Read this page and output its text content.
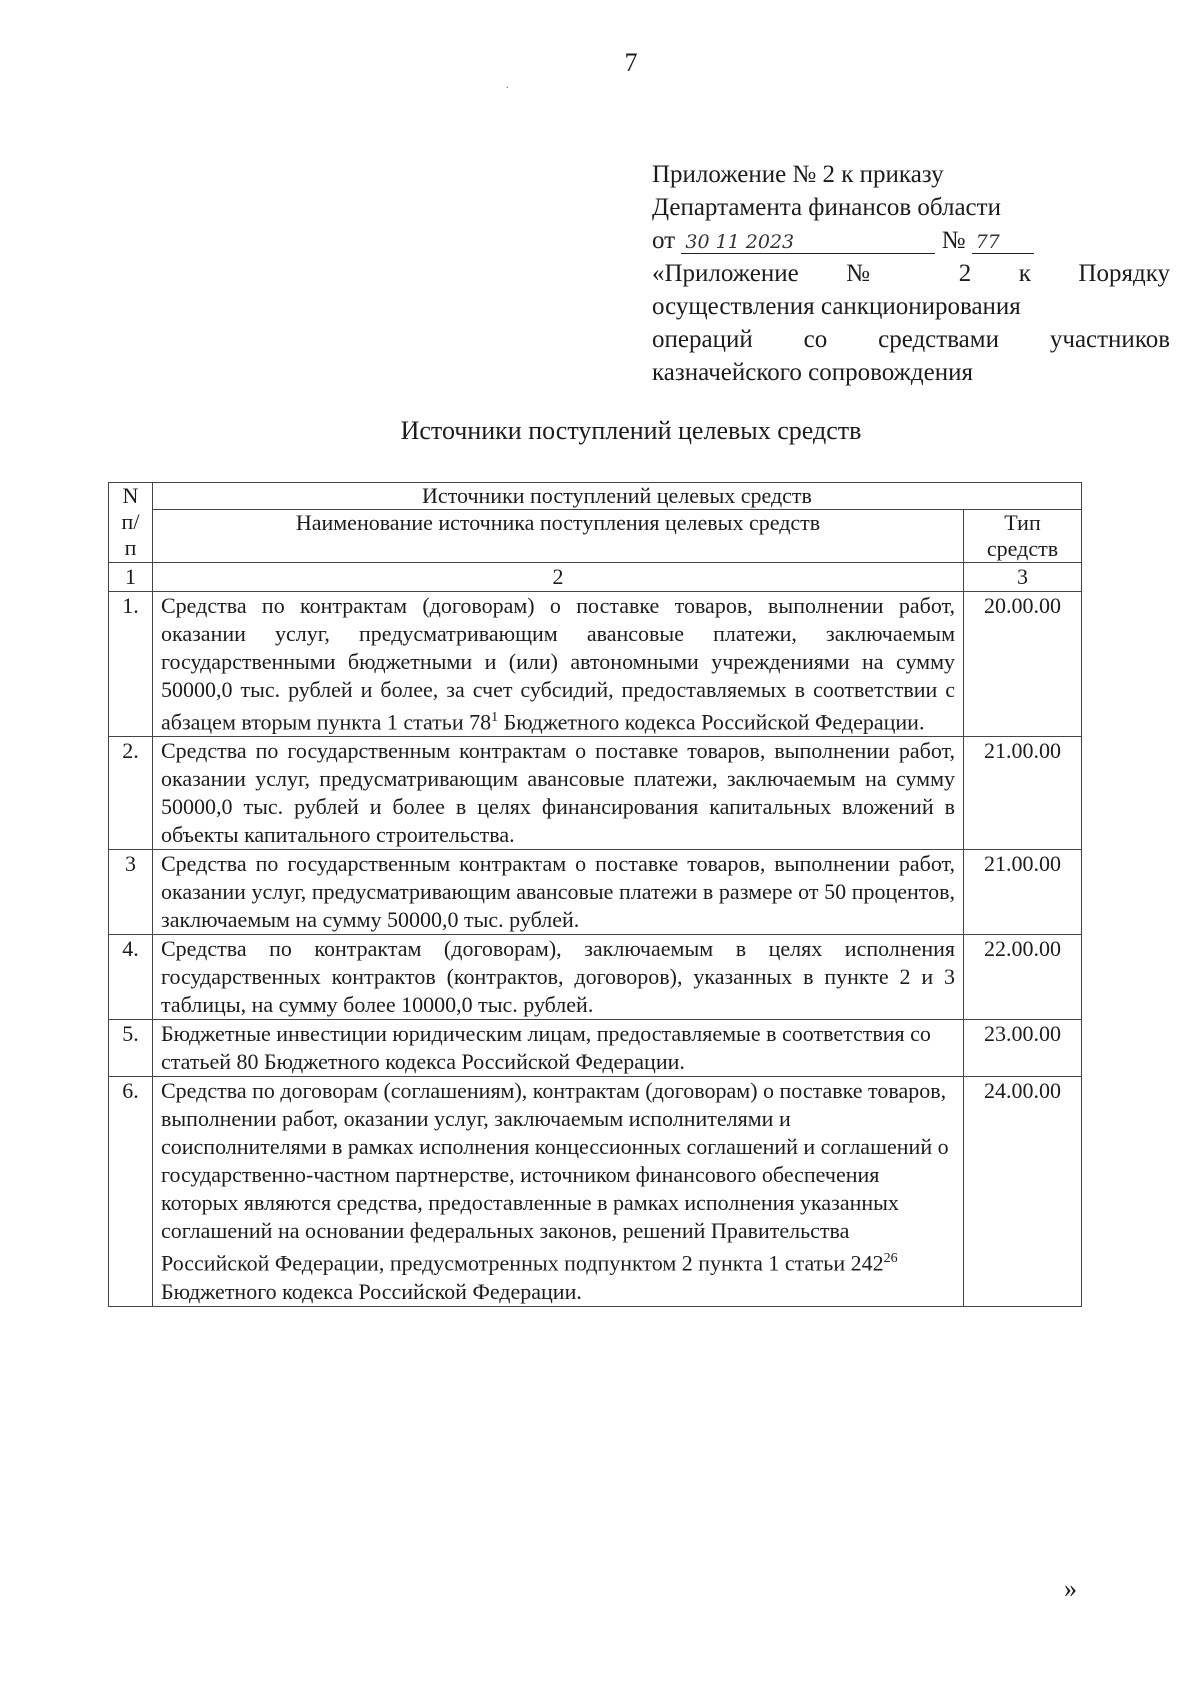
7
.
Приложение № 2 к приказу
Департамента финансов области
от 30 11 2023	№ 77
«Приложение № 2 к Порядку
осуществления санкционирования
операций со средствами участников
казначейского сопровождения
Источники поступлений целевых средств
N п/п	Источники поступлений целевых средств	
	Наименование источника поступления целевых средств	Тип средств
1	2	3
1.	Средства по контрактам (договорам) о поставке товаров, выполнении работ, оказании услуг, предусматривающим авансовые платежи, заключаемым государственными бюджетными и (или) автономными учреждениями на сумму 50000,0 тыс. рублей и более, за счет субсидий, предоставляемых в соответствии с абзацем вторым пункта 1 статьи $78^1$ Бюджетного кодекса Российской Федерации.	20.00.00
2.	Средства по государственным контрактам о поставке товаров, выполнении работ, оказании услуг, предусматривающим авансовые платежи, заключаемым на сумму 50000,0 тыс. рублей и более в целях финансирования капитальных вложений в объекты капитального строительства.	21.00.00
3	Средства по государственным контрактам о поставке товаров, выполнении работ, оказании услуг, предусматривающим авансовые платежи в размере от 50 процентов, заключаемым на сумму 50000,0 тыс. рублей.	21.00.00
4.	Средства по контрактам (договорам), заключаемым в целях исполнения государственных контрактов (контрактов, договоров), указанных в пункте 2 и 3 таблицы, на сумму более 10000,0 тыс. рублей.	22.00.00
5.	Бюджетные инвестиции юридическим лицам, предоставляемые в соответствия со статьей 80 Бюджетного кодекса Российской Федерации.	23.00.00
6.	Средства по договорам (соглашениям), контрактам (договорам) о поставке товаров, выполнении работ, оказании услуг, заключаемым исполнителями и соисполнителями в рамках исполнения концессионных соглашений и соглашений о государственно-частном партнерстве, источником финансового обеспечения которых являются средства, предоставленные в рамках исполнения указанных соглашений на основании федеральных законов, решений Правительства Российской Федерации, предусмотренных подпунктом 2 пункта 1 статьи $242^{26}$ Бюджетного кодекса Российской Федерации.	24.00.00
»
